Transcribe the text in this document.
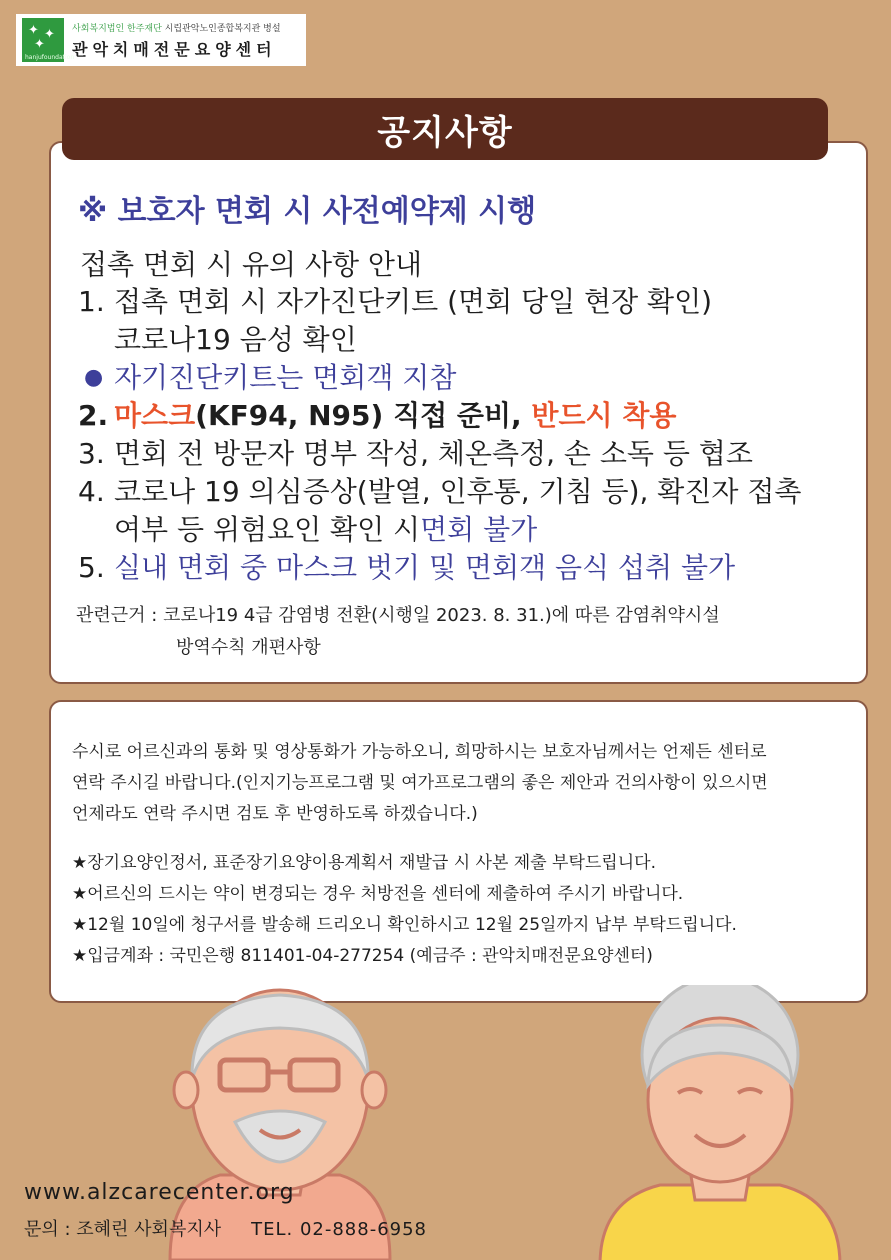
✦ ✦
✦
hanjufoundation
사회복지법인 한주재단 시립관악노인종합복지관 병설
관악치매전문요양센터
공지사항
※ 보호자 면회 시 사전예약제 시행
접촉 면회 시 유의 사항 안내
1. 접촉 면회 시 자가진단키트 (면회 당일 현장 확인)
코로나19 음성 확인
● 자기진단키트는 면회객 지참
2. 마스크(KF94, N95) 직접 준비, 반드시 착용
3. 면회 전 방문자 명부 작성, 체온측정, 손 소독 등 협조
4. 코로나 19 의심증상(발열, 인후통, 기침 등), 확진자 접촉
여부 등 위험요인 확인 시 면회 불가
5. 실내 면회 중 마스크 벗기 및 면회객 음식 섭취 불가
관련근거 : 코로나19 4급 감염병 전환(시행일 2023. 8. 31.)에 따른 감염취약시설
방역수칙 개편사항
수시로 어르신과의 통화 및 영상통화가 가능하오니, 희망하시는 보호자님께서는 언제든 센터로
연락 주시길 바랍니다.(인지기능프로그램 및 여가프로그램의 좋은 제안과 건의사항이 있으시면
언제라도 연락 주시면 검토 후 반영하도록 하겠습니다.)
★장기요양인정서, 표준장기요양이용계획서 재발급 시 사본 제출 부탁드립니다.
★어르신의 드시는 약이 변경되는 경우 처방전을 센터에 제출하여 주시기 바랍니다.
★12월 10일에 청구서를 발송해 드리오니 확인하시고 12월 25일까지 납부 부탁드립니다.
★입금계좌 : 국민은행 811401-04-277254 (예금주 : 관악치매전문요양센터)
www.alzcarecenter.org
문의 : 조혜린 사회복지사 TEL. 02-888-6958
